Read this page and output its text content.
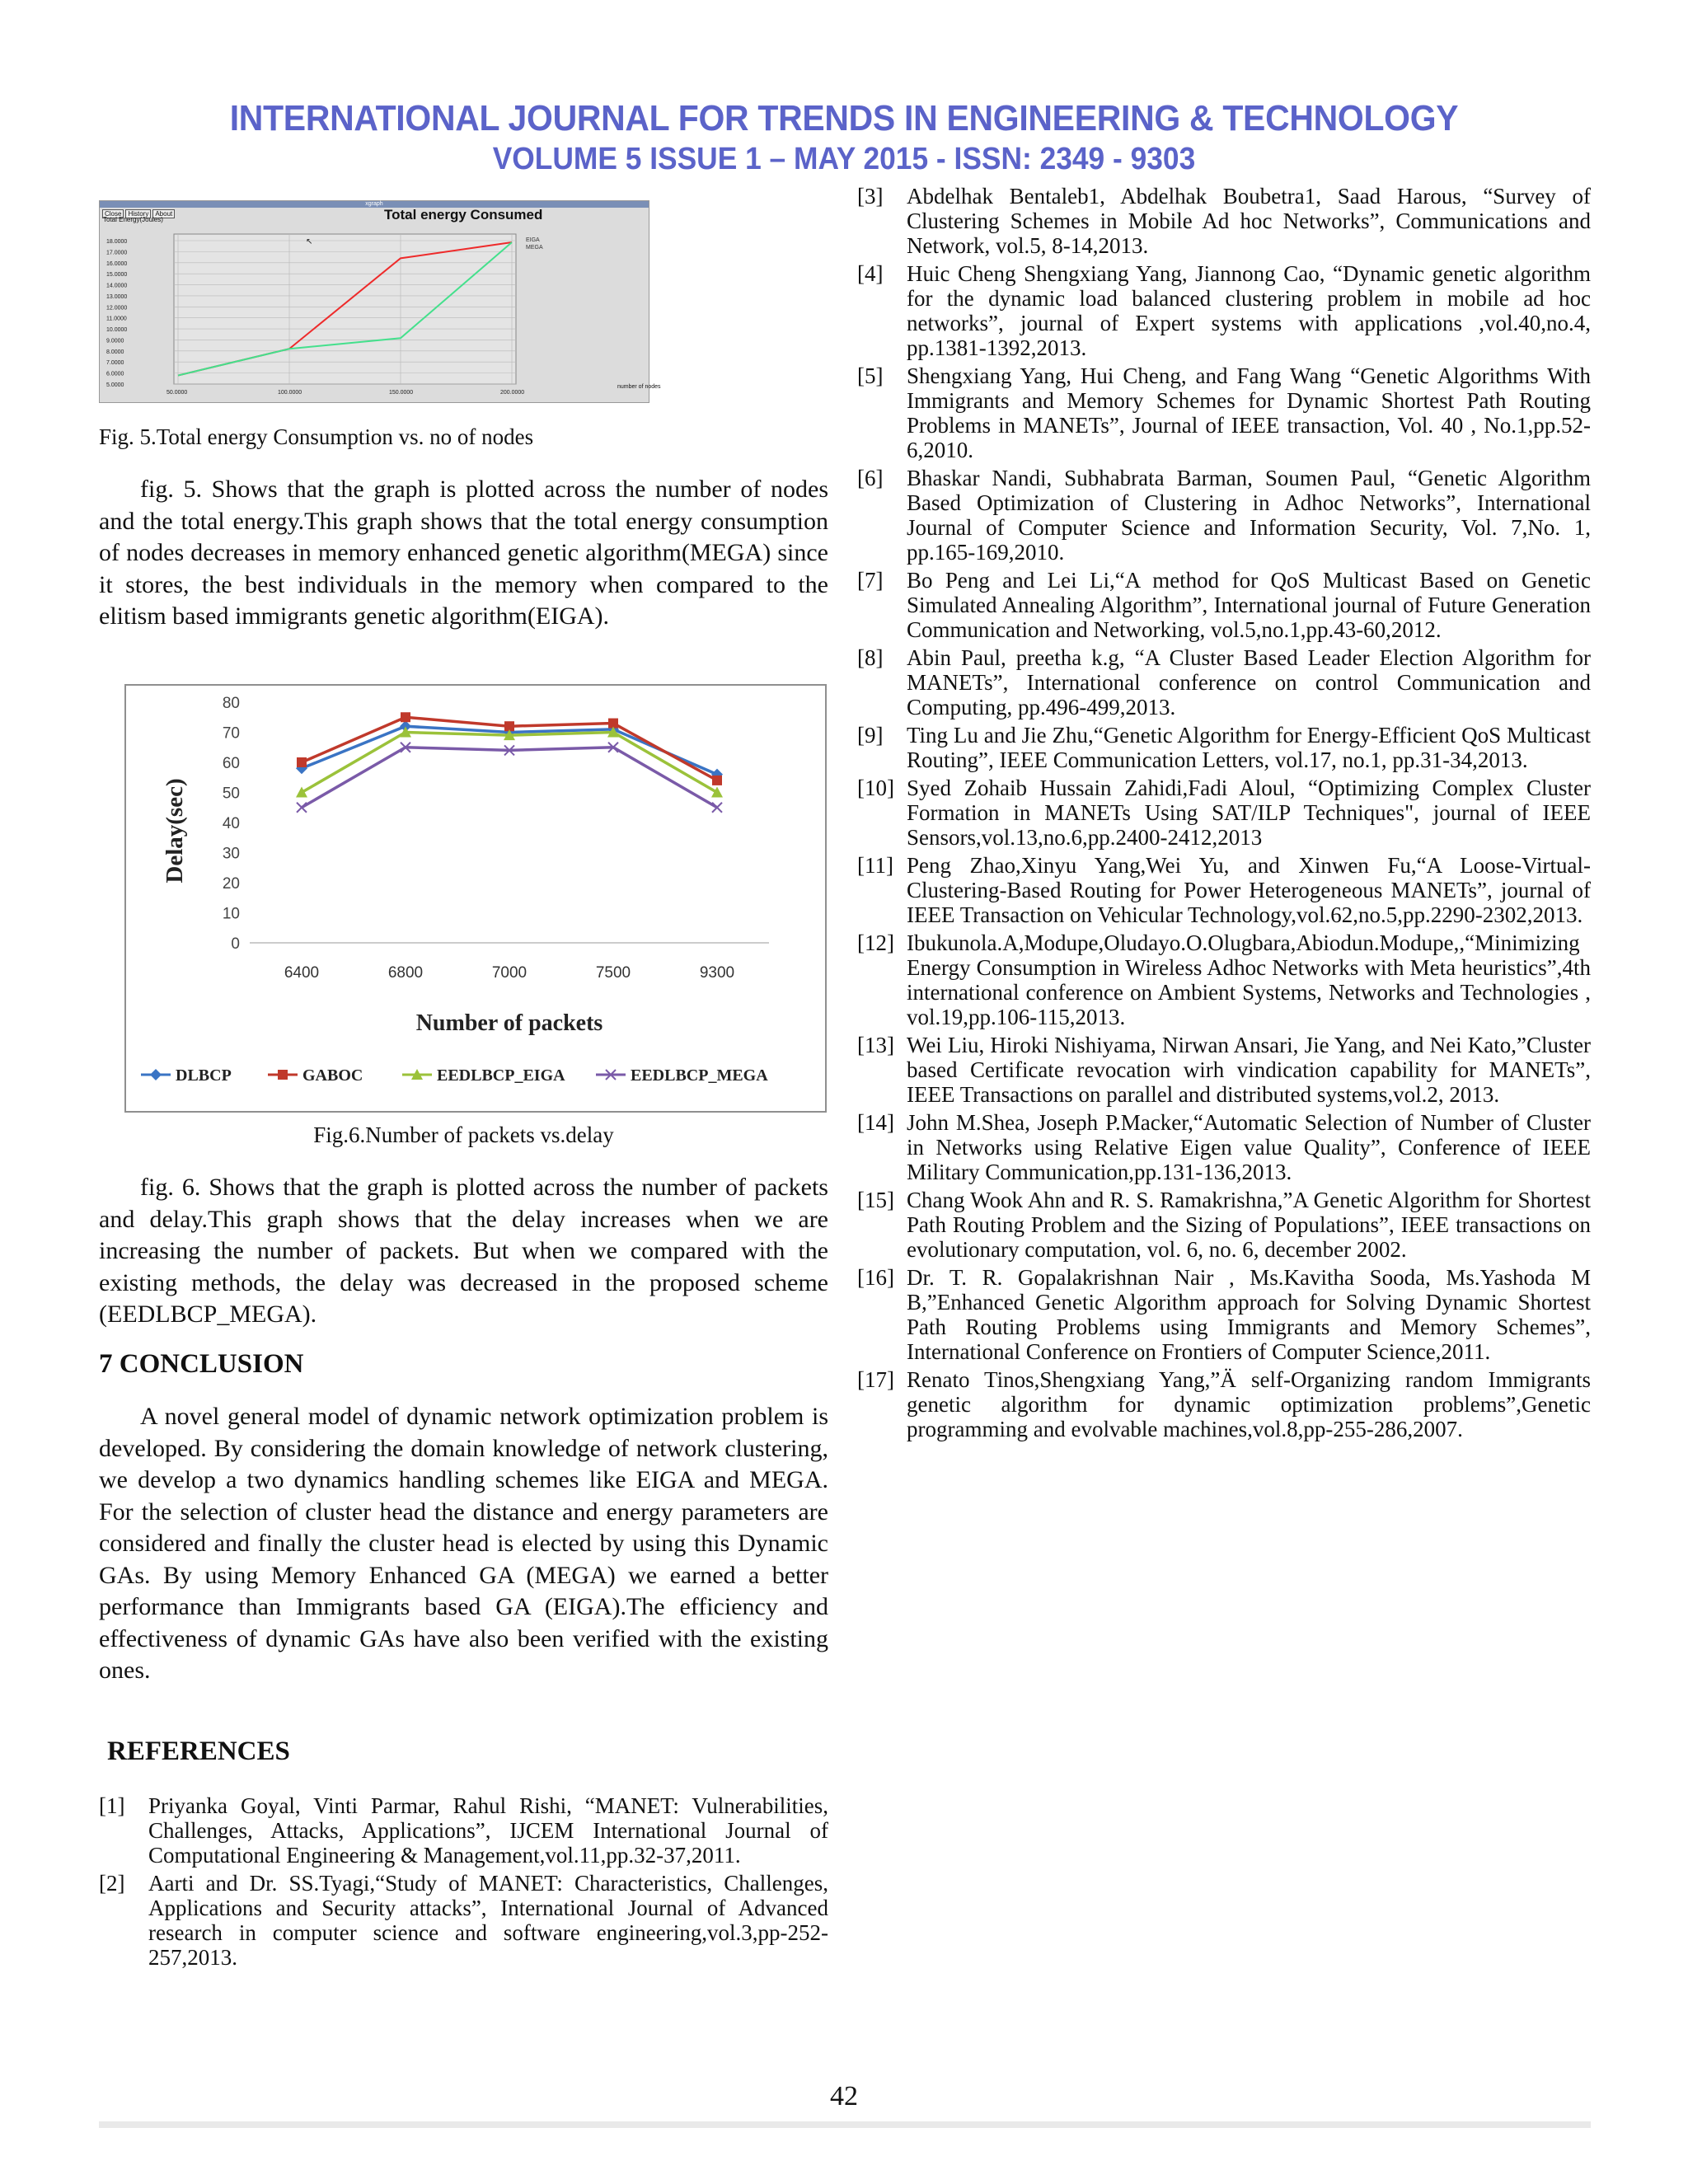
INTERNATIONAL JOURNAL FOR TRENDS IN ENGINEERING & TECHNOLOGY
VOLUME 5 ISSUE 1 – MAY 2015 - ISSN: 2349 - 9303
xgraph
Close	History	About	Total energy Consumed
Total Energy(Joules)
number of nodes
18.0000
17.0000
16.0000
15.0000
14.0000
13.0000
12.0000
11.0000
10.0000
9.0000
8.0000
7.0000
6.0000
5.0000
50.0000	100.0000	150.0000	200.0000
EIGA
MEGA
↖
Fig. 5.Total energy Consumption vs. no of nodes

fig. 5. Shows that the graph is plotted across the number of nodes and the total energy.This graph shows that the total energy consumption of nodes decreases in memory enhanced genetic algorithm(MEGA) since it stores, the best individuals in the memory when compared to the elitism based immigrants genetic algorithm(EIGA).

0
10
20
30
40
50
60
70
80
6400	6800	7000	7500	9300
Number of packets
Delay(sec)
DLBCP	GABOC	EEDLBCP_EIGA	EEDLBCP_MEGA
Fig.6.Number of packets vs.delay

fig. 6. Shows that the graph is plotted across the number of packets and delay.This graph shows that the delay increases when we are increasing the number of packets. But when we compared with the existing methods, the delay was decreased in the proposed scheme (EEDLBCP_MEGA).

7 CONCLUSION

A novel general model of dynamic network optimization problem is developed. By considering the domain knowledge of network clustering, we develop a two dynamics handling schemes like EIGA and MEGA. For the selection of cluster head the distance and energy parameters are considered and finally the cluster head is elected by using this Dynamic GAs. By using Memory Enhanced GA (MEGA) we earned a better performance than Immigrants based GA (EIGA).The efficiency and effectiveness of dynamic GAs have also been verified with the existing ones.

REFERENCES
[1]	Priyanka Goyal, Vinti Parmar, Rahul Rishi, “MANET: Vulnerabilities, Challenges, Attacks, Applications”, IJCEM International Journal of Computational Engineering & Management,vol.11,pp.32-37,2011.
[2]	Aarti and Dr. SS.Tyagi,“Study of MANET: Characteristics, Challenges, Applications and Security attacks”, International Journal of Advanced research in computer science and software engineering,vol.3,pp-252-257,2013.
[3]	Abdelhak Bentaleb1, Abdelhak Boubetra1, Saad Harous, “Survey of Clustering Schemes in Mobile Ad hoc Networks”, Communications and Network, vol.5, 8-14,2013.
[4]	Huic Cheng Shengxiang Yang, Jiannong Cao, “Dynamic genetic algorithm for the dynamic load balanced clustering problem in mobile ad hoc networks”, journal of Expert systems with applications ,vol.40,no.4, pp.1381-1392,2013.
[5]	Shengxiang Yang, Hui Cheng, and Fang Wang “Genetic Algorithms With Immigrants and Memory Schemes for Dynamic Shortest Path Routing Problems in MANETs”, Journal of IEEE transaction, Vol. 40 , No.1,pp.52-6,2010.
[6]	Bhaskar Nandi, Subhabrata Barman, Soumen Paul, “Genetic Algorithm Based Optimization of Clustering in Adhoc Networks”, International Journal of Computer Science and Information Security, Vol. 7,No. 1, pp.165-169,2010.
[7]	Bo Peng and Lei Li,“A method for QoS Multicast Based on Genetic Simulated Annealing Algorithm”, International journal of Future Generation Communication and Networking, vol.5,no.1,pp.43-60,2012.
[8]	Abin Paul, preetha k.g, “A Cluster Based Leader Election Algorithm for MANETs”, International conference on control Communication and Computing, pp.496-499,2013.
[9]	Ting Lu and Jie Zhu,“Genetic Algorithm for Energy-Efficient QoS Multicast Routing”, IEEE Communication Letters, vol.17, no.1, pp.31-34,2013.
[10] Syed Zohaib Hussain Zahidi,Fadi Aloul, “Optimizing Complex Cluster Formation in MANETs Using SAT/ILP Techniques", journal of IEEE Sensors,vol.13,no.6,pp.2400-2412,2013
[11] Peng Zhao,Xinyu Yang,Wei Yu, and Xinwen Fu,“A Loose-Virtual-Clustering-Based Routing for Power Heterogeneous MANETs”, journal of IEEE Transaction on Vehicular Technology,vol.62,no.5,pp.2290-2302,2013.
[12] Ibukunola.A,Modupe,Oludayo.O.Olugbara,Abiodun.Modupe,,“Minimizing Energy Consumption in Wireless Adhoc Networks with Meta heuristics”,4th international conference on Ambient Systems, Networks and Technologies , vol.19,pp.106-115,2013.
[13] Wei Liu, Hiroki Nishiyama, Nirwan Ansari, Jie Yang, and Nei Kato,”Cluster based Certificate revocation wirh vindication capability for MANETs”, IEEE Transactions on parallel and distributed systems,vol.2, 2013.
[14] John M.Shea, Joseph P.Macker,“Automatic Selection of Number of Cluster in Networks using Relative Eigen value Quality”, Conference of IEEE Military Communication,pp.131-136,2013.
[15] Chang Wook Ahn and R. S. Ramakrishna,”A Genetic Algorithm for Shortest Path Routing Problem and the Sizing of Populations”, IEEE transactions on evolutionary computation, vol. 6, no. 6, december 2002.
[16] Dr. T. R. Gopalakrishnan Nair , Ms.Kavitha Sooda, Ms.Yashoda M B,”Enhanced Genetic Algorithm approach for Solving Dynamic Shortest Path Routing Problems using Immigrants and Memory Schemes”, International Conference on Frontiers of Computer Science,2011.
[17] Renato Tinos,Shengxiang Yang,”Ä self-Organizing random Immigrants genetic algorithm for dynamic optimization problems”,Genetic programming and evolvable machines,vol.8,pp-255-286,2007.
42
